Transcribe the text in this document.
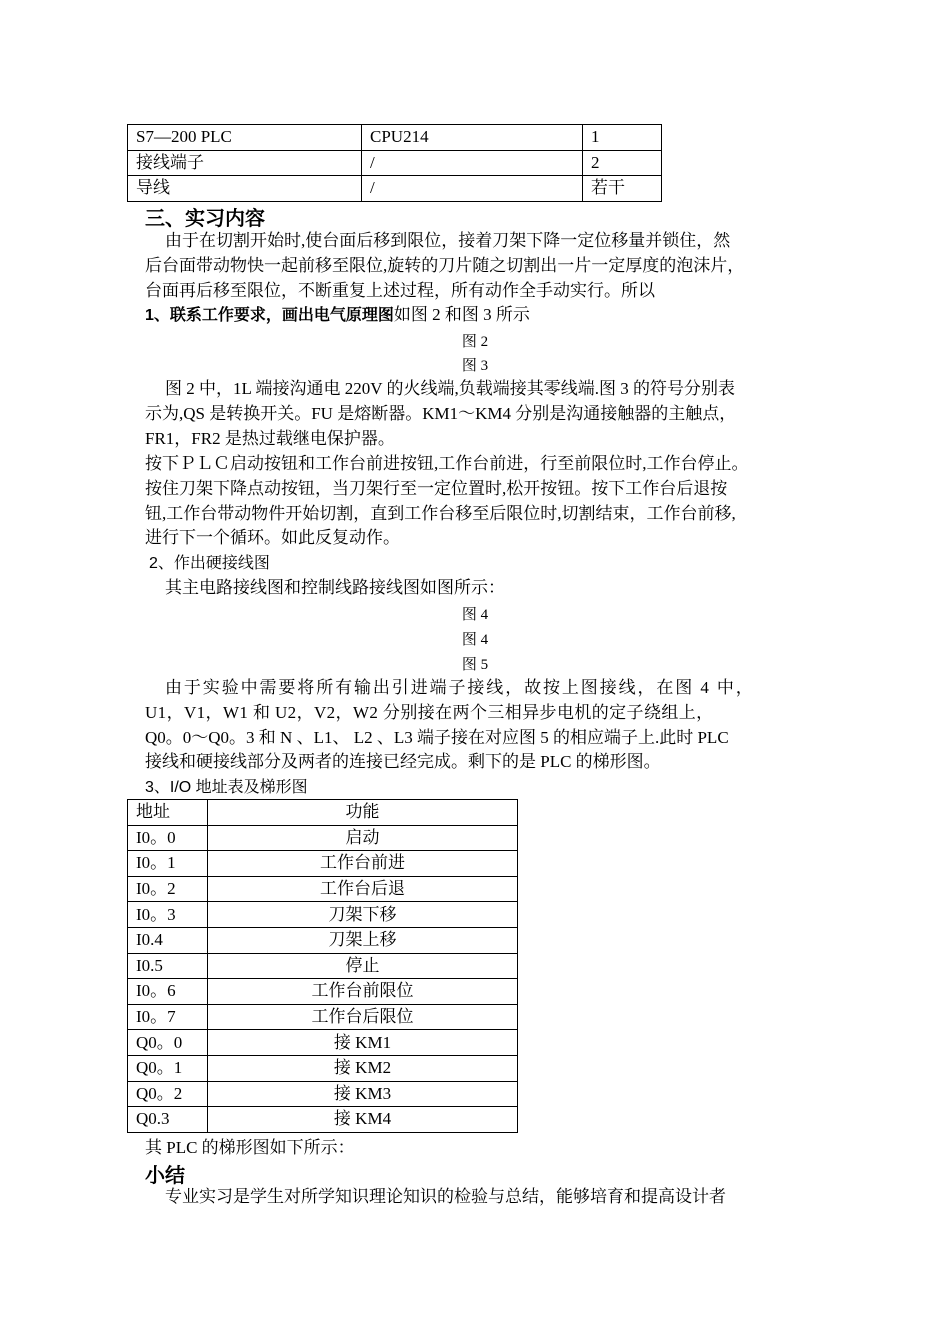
S7—200 PLC	CPU214	1
接线端子	/	2
导线	/	若干
三、实习内容
由于在切割开始时,使台面后移到限位，接着刀架下降一定位移量并锁住，然
后台面带动物快一起前移至限位,旋转的刀片随之切割出一片一定厚度的泡沫片，
台面再后移至限位，不断重复上述过程，所有动作全手动实行。所以
1、联系工作要求，画出电气原理图如图 2 和图 3 所示
图 2
图 3
图 2 中，1L 端接沟通电 220V 的火线端,负载端接其零线端.图 3 的符号分别表
示为,QS 是转换开关。FU 是熔断器。KM1～KM4 分别是沟通接触器的主触点，
FR1，FR2 是热过载继电保护器。
按下ＰＬＣ启动按钮和工作台前进按钮,工作台前进，行至前限位时,工作台停止。
按住刀架下降点动按钮，当刀架行至一定位置时,松开按钮。按下工作台后退按
钮,工作台带动物件开始切割，直到工作台移至后限位时,切割结束，工作台前移,
进行下一个循环。如此反复动作。
2、作出硬接线图
其主电路接线图和控制线路接线图如图所示：
图 4
图 4
图 5
由于实验中需要将所有输出引进端子接线，故按上图接线，在图 4 中，
U1，V1，W1 和 U2，V2，W2 分别接在两个三相异步电机的定子绕组上，
Q0。0～Q0。3 和 N 、L1、 L2 、L3 端子接在对应图 5 的相应端子上.此时 PLC
接线和硬接线部分及两者的连接已经完成。剩下的是 PLC 的梯形图。
3、I/O 地址表及梯形图
地址	功能
I0。0	启动
I0。1	工作台前进
I0。2	工作台后退
I0。3	刀架下移
I0.4	刀架上移
I0.5	停止
I0。6	工作台前限位
I0。7	工作台后限位
Q0。0	接 KM1
Q0。1	接 KM2
Q0。2	接 KM3
Q0.3	接 KM4
其 PLC 的梯形图如下所示：
小结
专业实习是学生对所学知识理论知识的检验与总结，能够培育和提高设计者
